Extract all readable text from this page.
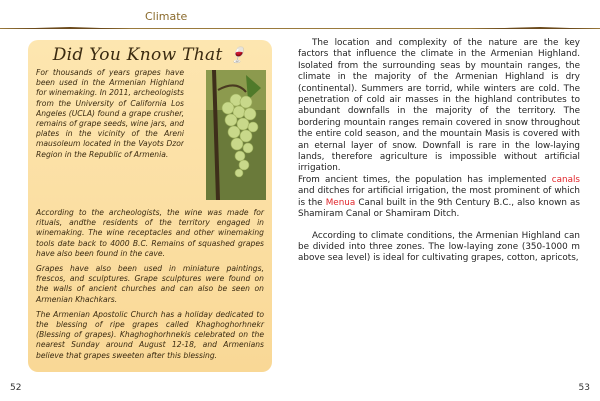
Climate
Did You Know That 🍷

For thousands of years grapes have been used in the Armenian Highland for winemaking. In 2011, archeologists from the University of California Los Angeles (UCLA) found a grape crusher, remains of grape seeds, wine jars, and plates in the vicinity of the Areni mausoleum located in the Vayots Dzor Region in the Republic of Armenia.

According to the archeologists, the wine was made for rituals, andthe residents of the territory engaged in winemaking. The wine receptacles and other winemaking tools date back to 4000 B.C. Remains of squashed grapes have also been found in the cave.

Grapes have also been used in miniature paintings, frescos, and sculptures. Grape sculptures were found on the walls of ancient churches and can also be seen on Armenian Khachkars.

The Armenian Apostolic Church has a holiday dedicated to the blessing of ripe grapes called Khaghoghorhnekr (Blessing of grapes). Khaghoghorhnekis celebrated on the nearest Sunday around August 12-18, and Armenians believe that grapes sweeten after this blessing.

The location and complexity of the nature are the key factors that influence the climate in the Armenian Highland. Isolated from the surrounding seas by mountain ranges, the climate in the majority of the Armenian Highland is dry (continental). Summers are torrid, while winters are cold. The penetration of cold air masses in the highland contributes to abundant downfalls in the majority of the territory. The bordering mountain ranges remain covered in snow throughout the entire cold season, and the mountain Masis is covered with an eternal layer of snow. Downfall is rare in the low-laying lands, therefore agriculture is impossible without artificial irrigation.

From ancient times, the population has implemented canals and ditches for artificial irrigation, the most prominent of which is the Menua Canal built in the 9th Century B.C., also known as Shamiram Canal or Shamiram Ditch.

According to climate conditions, the Armenian Highland can be divided into three zones. The low-laying zone (350-1000 m above sea level) is ideal for cultivating grapes, cotton, apricots,

52	53
